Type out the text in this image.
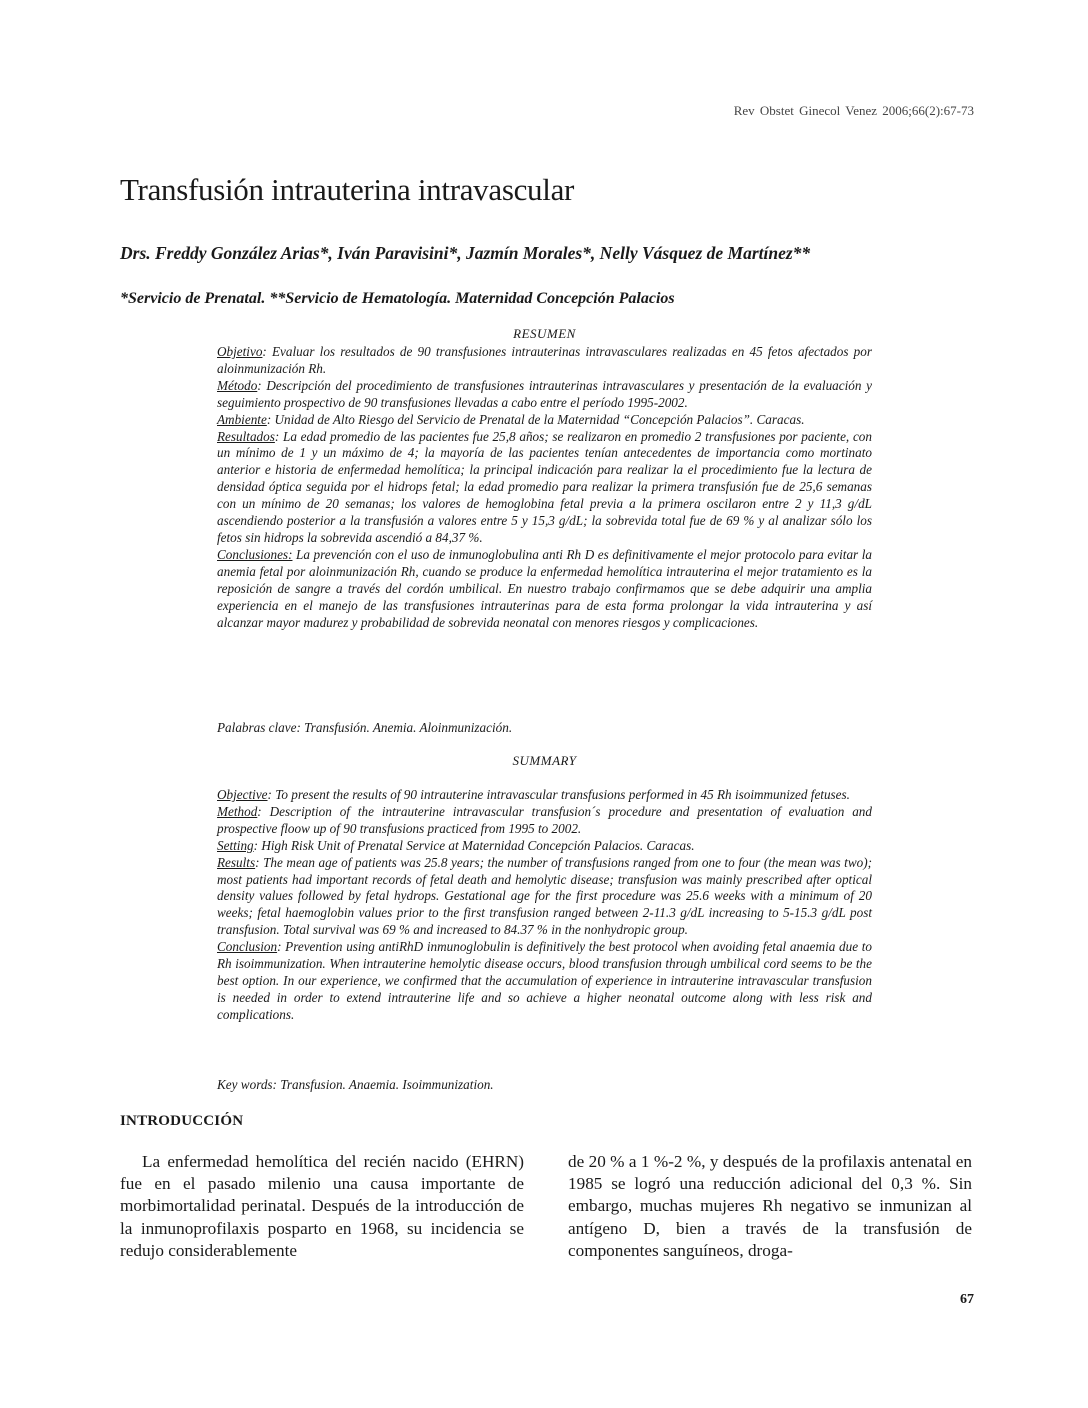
Rev Obstet Ginecol Venez 2006;66(2):67-73
Transfusión intrauterina intravascular
Drs. Freddy González Arias*, Iván Paravisini*, Jazmín Morales*, Nelly Vásquez de Martínez**
*Servicio de Prenatal. **Servicio de Hematología. Maternidad Concepción Palacios
RESUMEN

Objetivo: Evaluar los resultados de 90 transfusiones intrauterinas intravasculares realizadas en 45 fetos afectados por aloinmunización Rh.

Método: Descripción del procedimiento de transfusiones intrauterinas intravasculares y presentación de la evaluación y seguimiento prospectivo de 90 transfusiones llevadas a cabo entre el período 1995-2002.

Ambiente: Unidad de Alto Riesgo del Servicio de Prenatal de la Maternidad “Concepción Palacios”. Caracas.

Resultados: La edad promedio de las pacientes fue 25,8 años; se realizaron en promedio 2 transfusiones por paciente, con un mínimo de 1 y un máximo de 4; la mayoría de las pacientes tenían antecedentes de importancia como mortinato anterior e historia de enfermedad hemolítica; la principal indicación para realizar la el procedimiento fue la lectura de densidad óptica seguida por el hidrops fetal; la edad promedio para realizar la primera transfusión fue de 25,6 semanas con un mínimo de 20 semanas; los valores de hemoglobina fetal previa a la primera oscilaron entre 2 y 11,3 g/dL ascendiendo posterior a la transfusión a valores entre 5 y 15,3 g/dL; la sobrevida total fue de 69 % y al analizar sólo los fetos sin hidrops la sobrevida ascendió a 84,37 %.

Conclusiones: La prevención con el uso de inmunoglobulina anti Rh D es definitivamente el mejor protocolo para evitar la anemia fetal por aloinmunización Rh, cuando se produce la enfermedad hemolítica intrauterina el mejor tratamiento es la reposición de sangre a través del cordón umbilical. En nuestro trabajo confirmamos que se debe adquirir una amplia experiencia en el manejo de las transfusiones intrauterinas para de esta forma prolongar la vida intrauterina y así alcanzar mayor madurez y probabilidad de sobrevida neonatal con menores riesgos y complicaciones.

Palabras clave: Transfusión. Anemia. Aloinmunización.
SUMMARY

Objective: To present the results of 90 intrauterine intravascular transfusions performed in 45 Rh isoimmunized fetuses.

Method: Description of the intrauterine intravascular transfusion´s procedure and presentation of evaluation and prospective floow up of 90 transfusions practiced from 1995 to 2002.

Setting: High Risk Unit of Prenatal Service at Maternidad Concepción Palacios. Caracas.

Results: The mean age of patients was 25.8 years; the number of transfusions ranged from one to four (the mean was two); most patients had important records of fetal death and hemolytic disease; transfusion was mainly prescribed after optical density values followed by fetal hydrops. Gestational age for the first procedure was 25.6 weeks with a minimum of 20 weeks; fetal haemoglobin values prior to the first transfusion ranged between 2-11.3 g/dL increasing to 5-15.3 g/dL post transfusion. Total survival was 69 % and increased to 84.37 % in the nonhydropic group.

Conclusion: Prevention using antiRhD inmunoglobulin is definitively the best protocol when avoiding fetal anaemia due to Rh isoimmunization. When intrauterine hemolytic disease occurs, blood transfusion through umbilical cord seems to be the best option. In our experience, we confirmed that the accumulation of experience in intrauterine intravascular transfusion is needed in order to extend intrauterine life and so achieve a higher neonatal outcome along with less risk and complications.

Key words: Transfusion. Anaemia. Isoimmunization.
INTRODUCCIÓN

La enfermedad hemolítica del recién nacido (EHRN) fue en el pasado milenio una causa importante de morbimortalidad perinatal. Después de la introducción de la inmunoprofilaxis posparto en 1968, su incidencia se redujo considerablemente

de 20 % a 1 %-2 %, y después de la profilaxis antenatal en 1985 se logró una reducción adicional del 0,3 %. Sin embargo, muchas mujeres Rh negativo se inmunizan al antígeno D, bien a través de la transfusión de componentes sanguíneos, droga-

67
